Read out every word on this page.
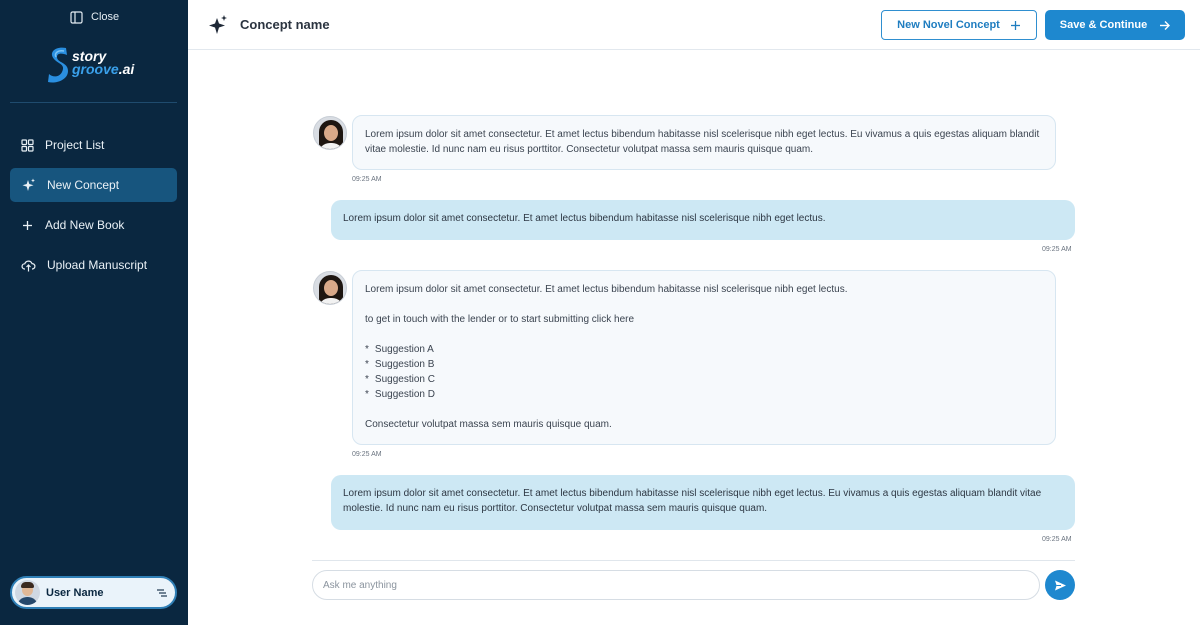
Close
story
groove.ai
Project List
New Concept
Add New Book
Upload Manuscript
User Name
Concept name	New Novel Concept	Save & Continue
Lorem ipsum dolor sit amet consectetur. Et amet lectus bibendum habitasse nisl scelerisque nibh eget lectus. Eu vivamus a quis egestas aliquam blandit vitae molestie. Id nunc nam eu risus porttitor. Consectetur volutpat massa sem mauris quisque quam.
09:25 AM
Lorem ipsum dolor sit amet consectetur. Et amet lectus bibendum habitasse nisl scelerisque nibh eget lectus.
09:25 AM
Lorem ipsum dolor sit amet consectetur. Et amet lectus bibendum habitasse nisl scelerisque nibh eget lectus.
to get in touch with the lender or to start submitting click here
* Suggestion A
* Suggestion B
* Suggestion C
* Suggestion D
Consectetur volutpat massa sem mauris quisque quam.
09:25 AM
Lorem ipsum dolor sit amet consectetur. Et amet lectus bibendum habitasse nisl scelerisque nibh eget lectus. Eu vivamus a quis egestas aliquam blandit vitae molestie. Id nunc nam eu risus porttitor. Consectetur volutpat massa sem mauris quisque quam.
09:25 AM
Ask me anything
